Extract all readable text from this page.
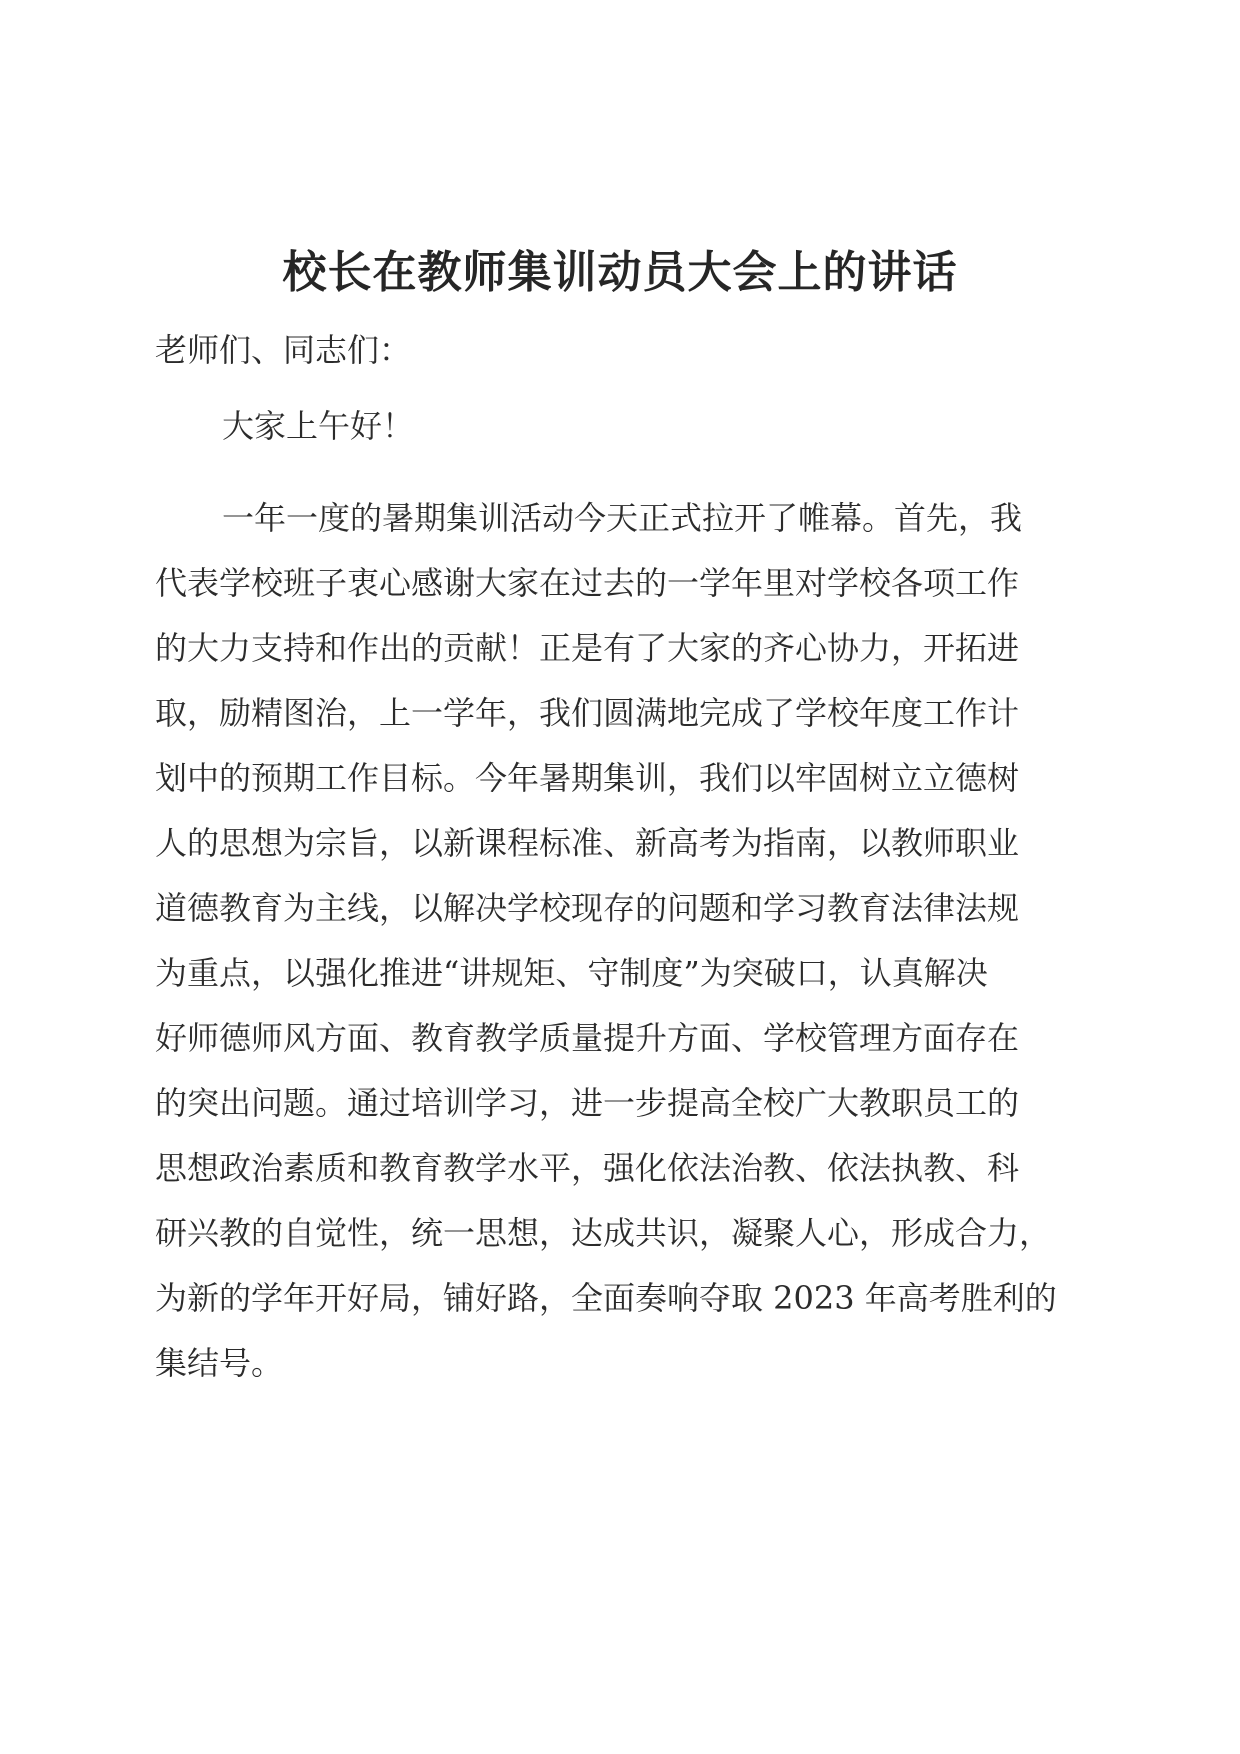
校长在教师集训动员大会上的讲话

老师们、同志们：

大家上午好！

一年一度的暑期集训活动今天正式拉开了帷幕。首先，我
代表学校班子衷心感谢大家在过去的一学年里对学校各项工作
的大力支持和作出的贡献！正是有了大家的齐心协力，开拓进
取，励精图治，上一学年，我们圆满地完成了学校年度工作计
划中的预期工作目标。今年暑期集训，我们以牢固树立立德树
人的思想为宗旨，以新课程标准、新高考为指南，以教师职业
道德教育为主线，以解决学校现存的问题和学习教育法律法规
为重点，以强化推进“讲规矩、守制度”为突破口，认真解决
好师德师风方面、教育教学质量提升方面、学校管理方面存在
的突出问题。通过培训学习，进一步提高全校广大教职员工的
思想政治素质和教育教学水平，强化依法治教、依法执教、科
研兴教的自觉性，统一思想，达成共识，凝聚人心，形成合力，
为新的学年开好局，铺好路，全面奏响夺取 2023 年高考胜利的
集结号。
